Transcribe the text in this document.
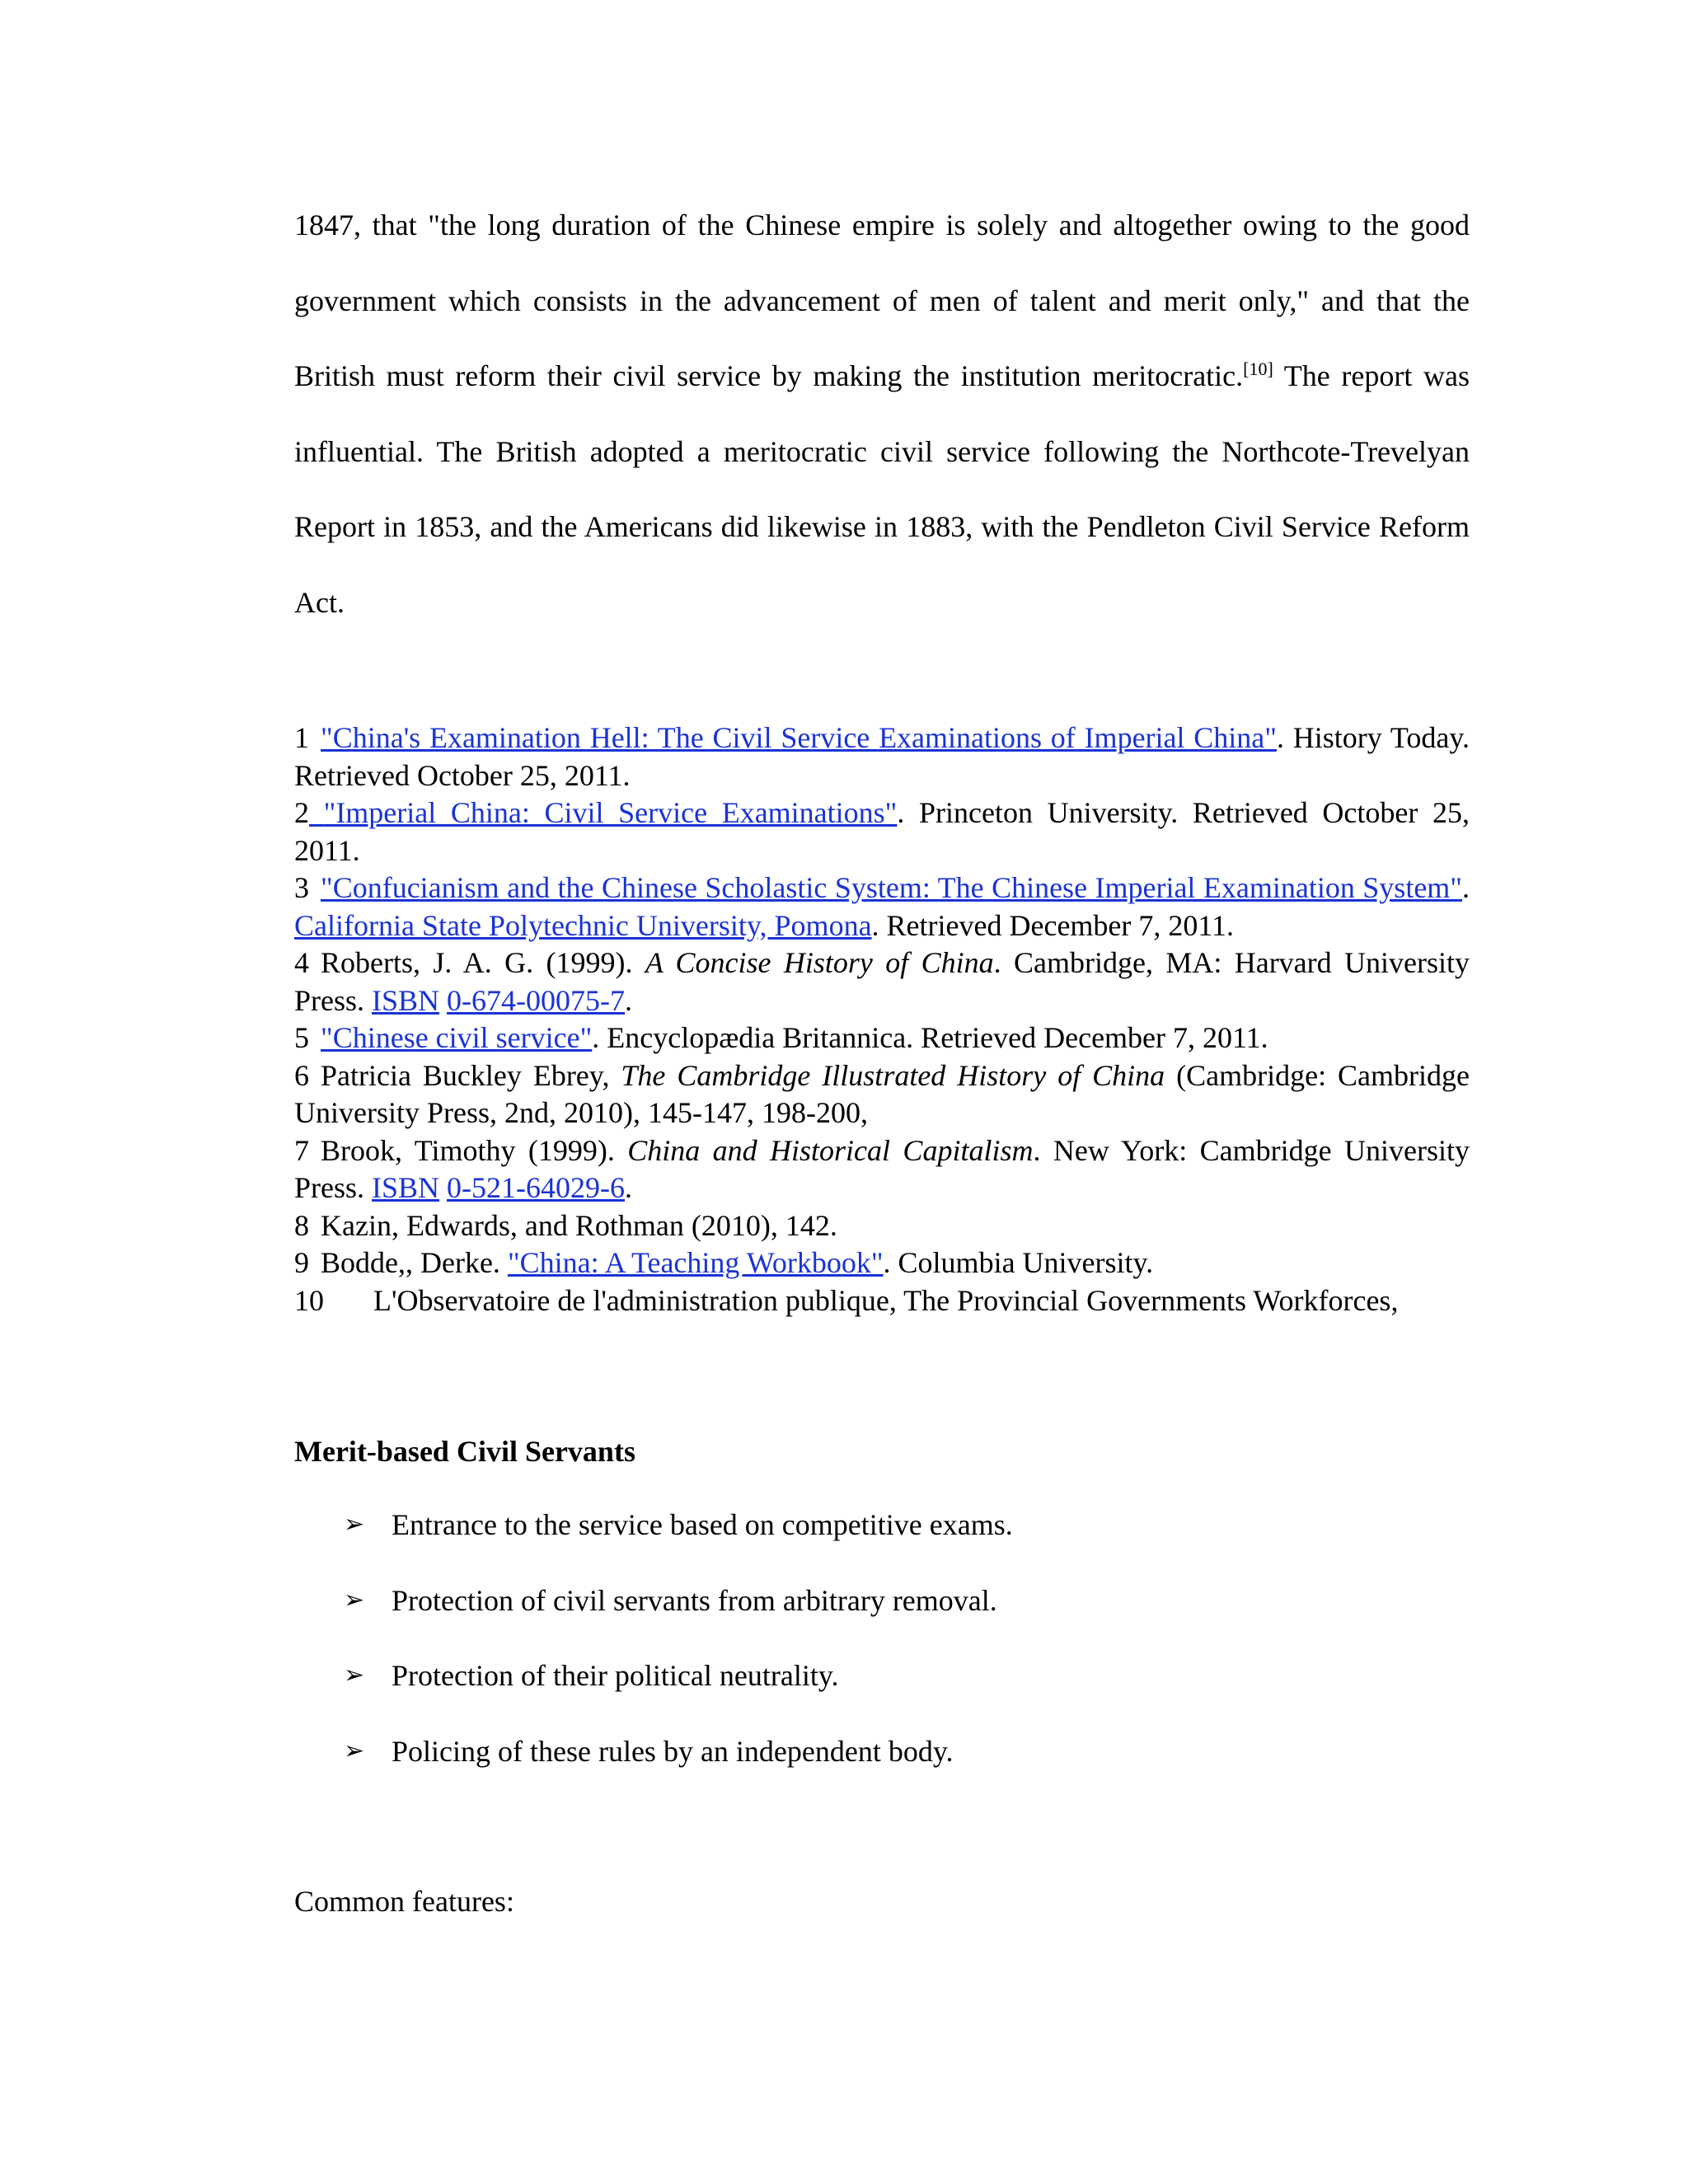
1847, that "the long duration of the Chinese empire is solely and altogether owing to the good government which consists in the advancement of men of talent and merit only," and that the British must reform their civil service by making the institution meritocratic.[10] The report was influential. The British adopted a meritocratic civil service following the Northcote-Trevelyan Report in 1853, and the Americans did likewise in 1883, with the Pendleton Civil Service Reform Act.

1 "China's Examination Hell: The Civil Service Examinations of Imperial China". History Today. Retrieved October 25, 2011.

2 "Imperial China: Civil Service Examinations". Princeton University. Retrieved October 25, 2011.

3 "Confucianism and the Chinese Scholastic System: The Chinese Imperial Examination System". California State Polytechnic University, Pomona. Retrieved December 7, 2011.

4 Roberts, J. A. G. (1999). A Concise History of China. Cambridge, MA: Harvard University Press. ISBN 0-674-00075-7.

5 "Chinese civil service". Encyclopædia Britannica. Retrieved December 7, 2011.

6 Patricia Buckley Ebrey, The Cambridge Illustrated History of China (Cambridge: Cambridge University Press, 2nd, 2010), 145-147, 198-200,

7 Brook, Timothy (1999). China and Historical Capitalism. New York: Cambridge University Press. ISBN 0-521-64029-6.

8 Kazin, Edwards, and Rothman (2010), 142.

9 Bodde,, Derke. "China: A Teaching Workbook". Columbia University.

10 L'Observatoire de l'administration publique, The Provincial Governments Workforces,

Merit-based Civil Servants
➢ Entrance to the service based on competitive exams.
➢ Protection of civil servants from arbitrary removal.
➢ Protection of their political neutrality.
➢ Policing of these rules by an independent body.
Common features:
